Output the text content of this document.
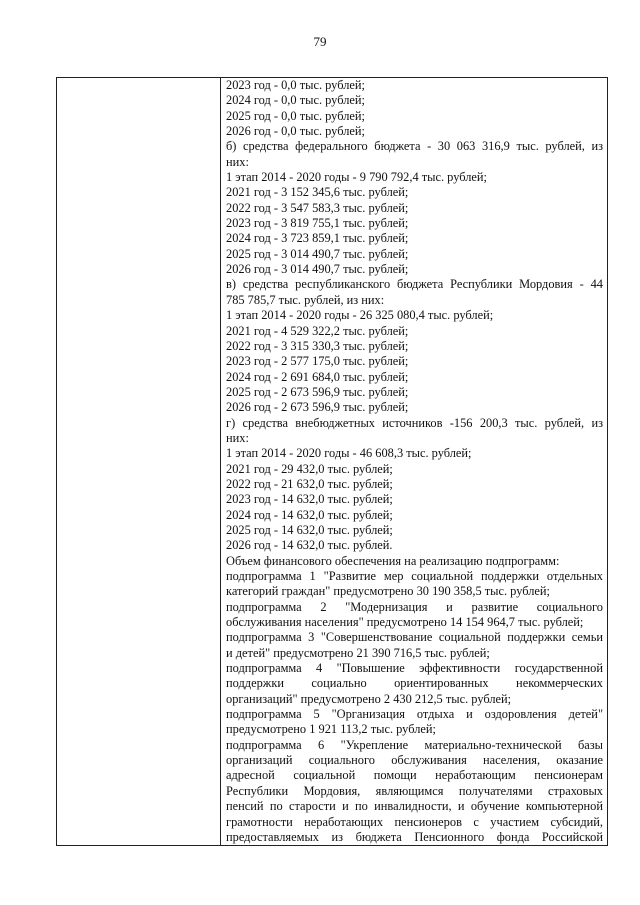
79

2023 год - 0,0 тыс. рублей;
2024 год - 0,0 тыс. рублей;
2025 год - 0,0 тыс. рублей;
2026 год - 0,0 тыс. рублей;
б) средства федерального бюджета - 30 063 316,9 тыс. рублей, из
них:
1 этап 2014 - 2020 годы - 9 790 792,4 тыс. рублей;
2021 год - 3 152 345,6 тыс. рублей;
2022 год - 3 547 583,3 тыс. рублей;
2023 год - 3 819 755,1 тыс. рублей;
2024 год - 3 723 859,1 тыс. рублей;
2025 год - 3 014 490,7 тыс. рублей;
2026 год - 3 014 490,7 тыс. рублей;
в) средства республиканского бюджета Республики Мордовия - 44
785 785,7 тыс. рублей, из них:
1 этап 2014 - 2020 годы - 26 325 080,4 тыс. рублей;
2021 год - 4 529 322,2 тыс. рублей;
2022 год - 3 315 330,3 тыс. рублей;
2023 год - 2 577 175,0 тыс. рублей;
2024 год - 2 691 684,0 тыс. рублей;
2025 год - 2 673 596,9 тыс. рублей;
2026 год - 2 673 596,9 тыс. рублей;
г) средства внебюджетных источников -156 200,3 тыс. рублей, из
них:
1 этап 2014 - 2020 годы - 46 608,3 тыс. рублей;
2021 год - 29 432,0 тыс. рублей;
2022 год - 21 632,0 тыс. рублей;
2023 год - 14 632,0 тыс. рублей;
2024 год - 14 632,0 тыс. рублей;
2025 год - 14 632,0 тыс. рублей;
2026 год - 14 632,0 тыс. рублей.
Объем финансового обеспечения на реализацию подпрограмм:
подпрограмма 1 "Развитие мер социальной поддержки отдельных
категорий граждан" предусмотрено 30 190 358,5 тыс. рублей;
подпрограмма 2 "Модернизация и развитие социального
обслуживания населения" предусмотрено 14 154 964,7 тыс. рублей;
подпрограмма 3 "Совершенствование социальной поддержки семьи
и детей" предусмотрено 21 390 716,5 тыс. рублей;
подпрограмма 4 "Повышение эффективности государственной
поддержки социально ориентированных некоммерческих
организаций" предусмотрено 2 430 212,5 тыс. рублей;
подпрограмма 5 "Организация отдыха и оздоровления детей"
предусмотрено 1 921 113,2 тыс. рублей;
подпрограмма 6 "Укрепление материально-технической базы
организаций социального обслуживания населения, оказание
адресной социальной помощи неработающим пенсионерам
Республики Мордовия, являющимся получателями страховых
пенсий по старости и по инвалидности, и обучение компьютерной
грамотности неработающих пенсионеров с участием субсидий,
предоставляемых из бюджета Пенсионного фонда Российской
